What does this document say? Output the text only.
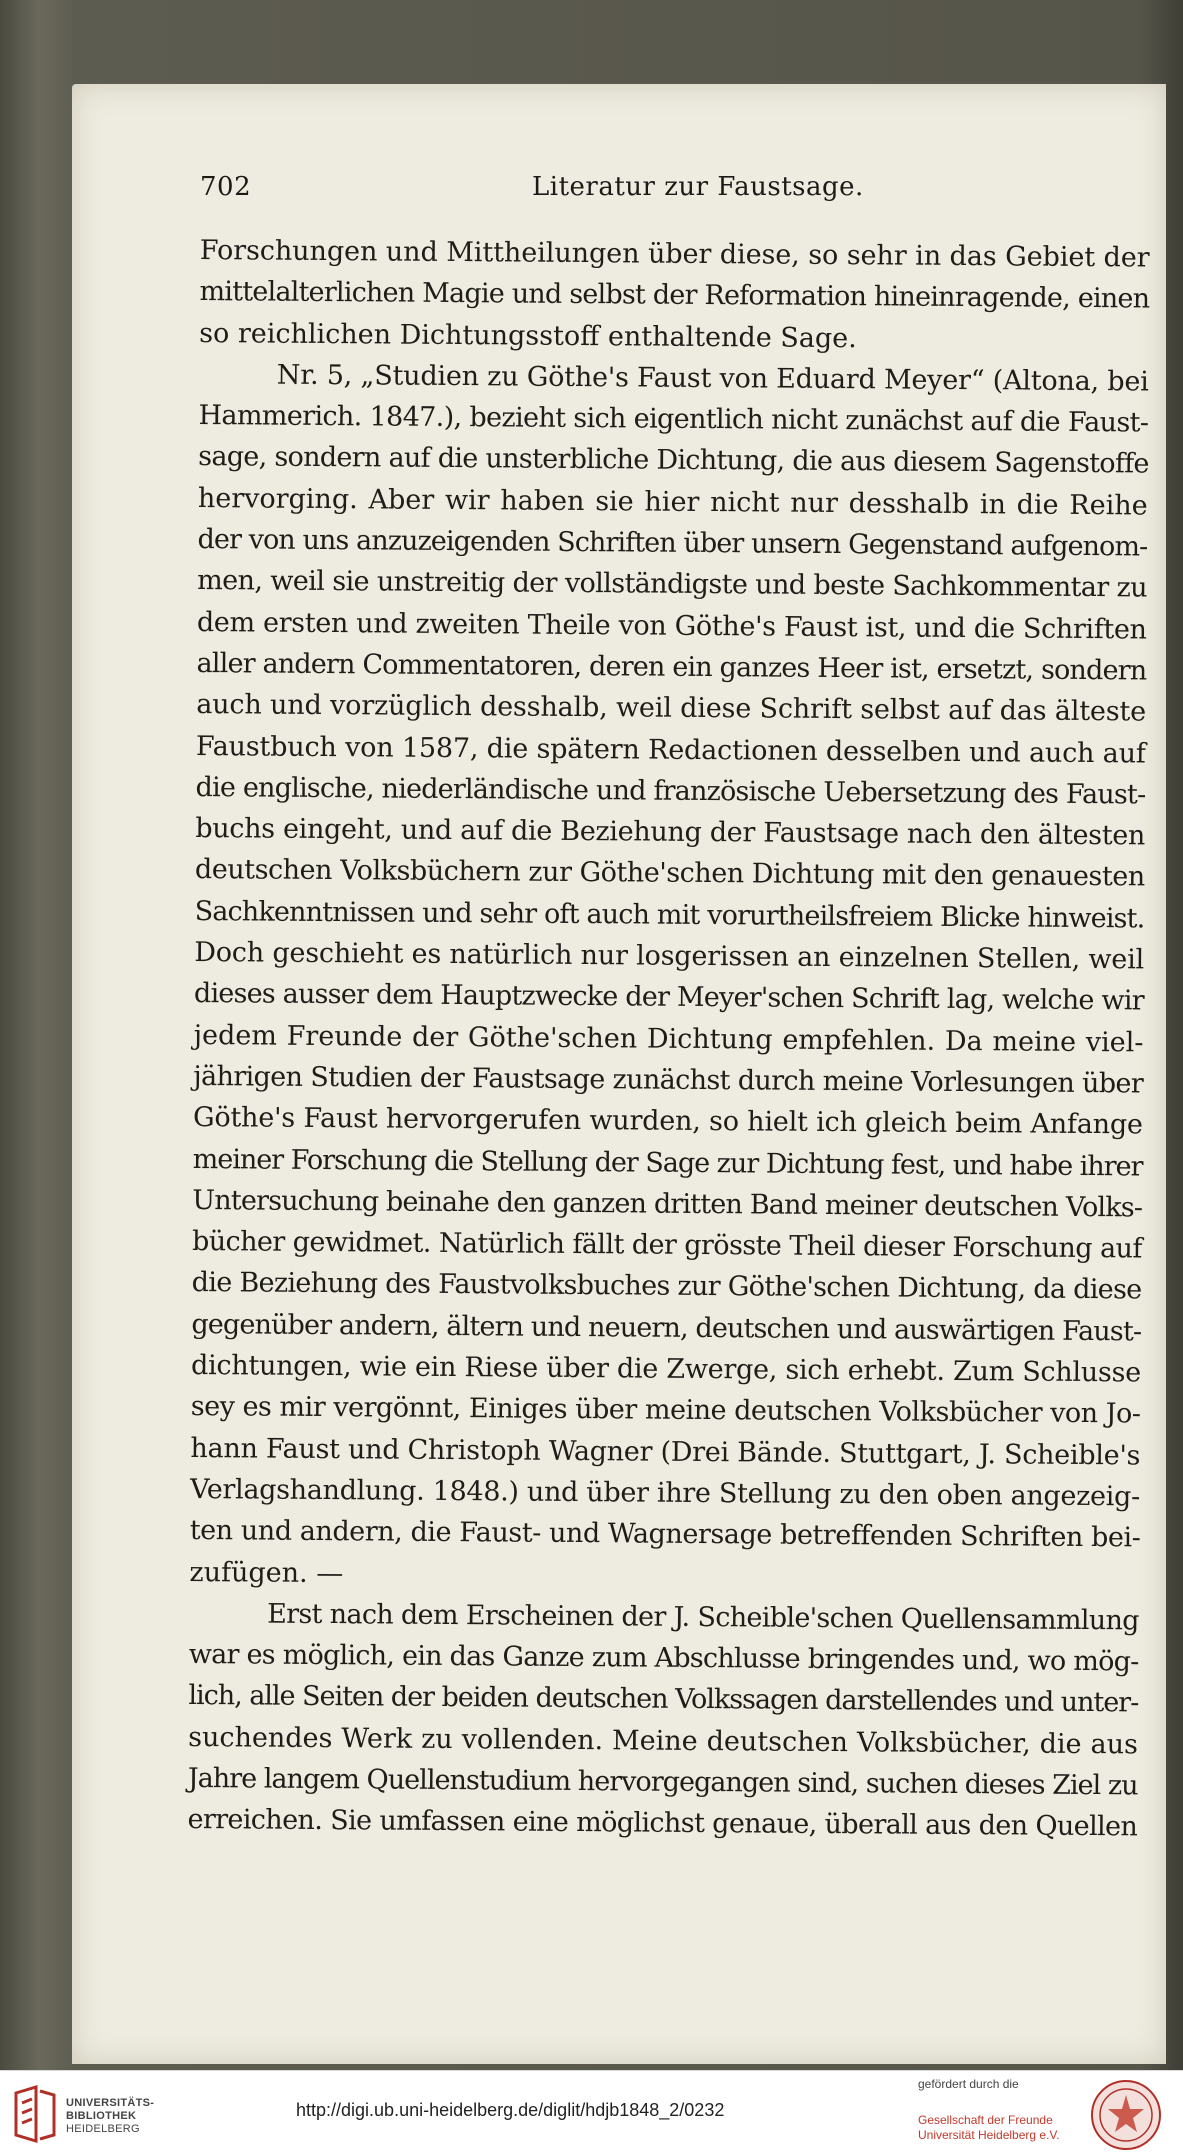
702	Literatur zur Faustsage.
Forschungen und Mittheilungen über diese, so sehr in das Gebiet der
mittelalterlichen Magie und selbst der Reformation hineinragende, einen
so reichlichen Dichtungsstoff enthaltende Sage.
Nr. 5, „Studien zu Göthe's Faust von Eduard Meyer“ (Altona, bei
Hammerich. 1847.), bezieht sich eigentlich nicht zunächst auf die Faust-
sage, sondern auf die unsterbliche Dichtung, die aus diesem Sagenstoffe
hervorging. Aber wir haben sie hier nicht nur desshalb in die Reihe
der von uns anzuzeigenden Schriften über unsern Gegenstand aufgenom-
men, weil sie unstreitig der vollständigste und beste Sachkommentar zu
dem ersten und zweiten Theile von Göthe's Faust ist, und die Schriften
aller andern Commentatoren, deren ein ganzes Heer ist, ersetzt, sondern
auch und vorzüglich desshalb, weil diese Schrift selbst auf das älteste
Faustbuch von 1587, die spätern Redactionen desselben und auch auf
die englische, niederländische und französische Uebersetzung des Faust-
buchs eingeht, und auf die Beziehung der Faustsage nach den ältesten
deutschen Volksbüchern zur Göthe'schen Dichtung mit den genauesten
Sachkenntnissen und sehr oft auch mit vorurtheilsfreiem Blicke hinweist.
Doch geschieht es natürlich nur losgerissen an einzelnen Stellen, weil
dieses ausser dem Hauptzwecke der Meyer'schen Schrift lag, welche wir
jedem Freunde der Göthe'schen Dichtung empfehlen. Da meine viel-
jährigen Studien der Faustsage zunächst durch meine Vorlesungen über
Göthe's Faust hervorgerufen wurden, so hielt ich gleich beim Anfange
meiner Forschung die Stellung der Sage zur Dichtung fest, und habe ihrer
Untersuchung beinahe den ganzen dritten Band meiner deutschen Volks-
bücher gewidmet. Natürlich fällt der grösste Theil dieser Forschung auf
die Beziehung des Faustvolksbuches zur Göthe'schen Dichtung, da diese
gegenüber andern, ältern und neuern, deutschen und auswärtigen Faust-
dichtungen, wie ein Riese über die Zwerge, sich erhebt. Zum Schlusse
sey es mir vergönnt, Einiges über meine deutschen Volksbücher von Jo-
hann Faust und Christoph Wagner (Drei Bände. Stuttgart, J. Scheible's
Verlagshandlung. 1848.) und über ihre Stellung zu den oben angezeig-
ten und andern, die Faust- und Wagnersage betreffenden Schriften bei-
zufügen. —
Erst nach dem Erscheinen der J. Scheible'schen Quellensammlung
war es möglich, ein das Ganze zum Abschlusse bringendes und, wo mög-
lich, alle Seiten der beiden deutschen Volkssagen darstellendes und unter-
suchendes Werk zu vollenden. Meine deutschen Volksbücher, die aus
Jahre langem Quellenstudium hervorgegangen sind, suchen dieses Ziel zu
erreichen. Sie umfassen eine möglichst genaue, überall aus den Quellen
UNIVERSITÄTS-
BIBLIOTHEK
HEIDELBERG
http://digi.ub.uni-heidelberg.de/diglit/hdjb1848_2/0232
gefördert durch die
Gesellschaft der Freunde
Universität Heidelberg e.V.
